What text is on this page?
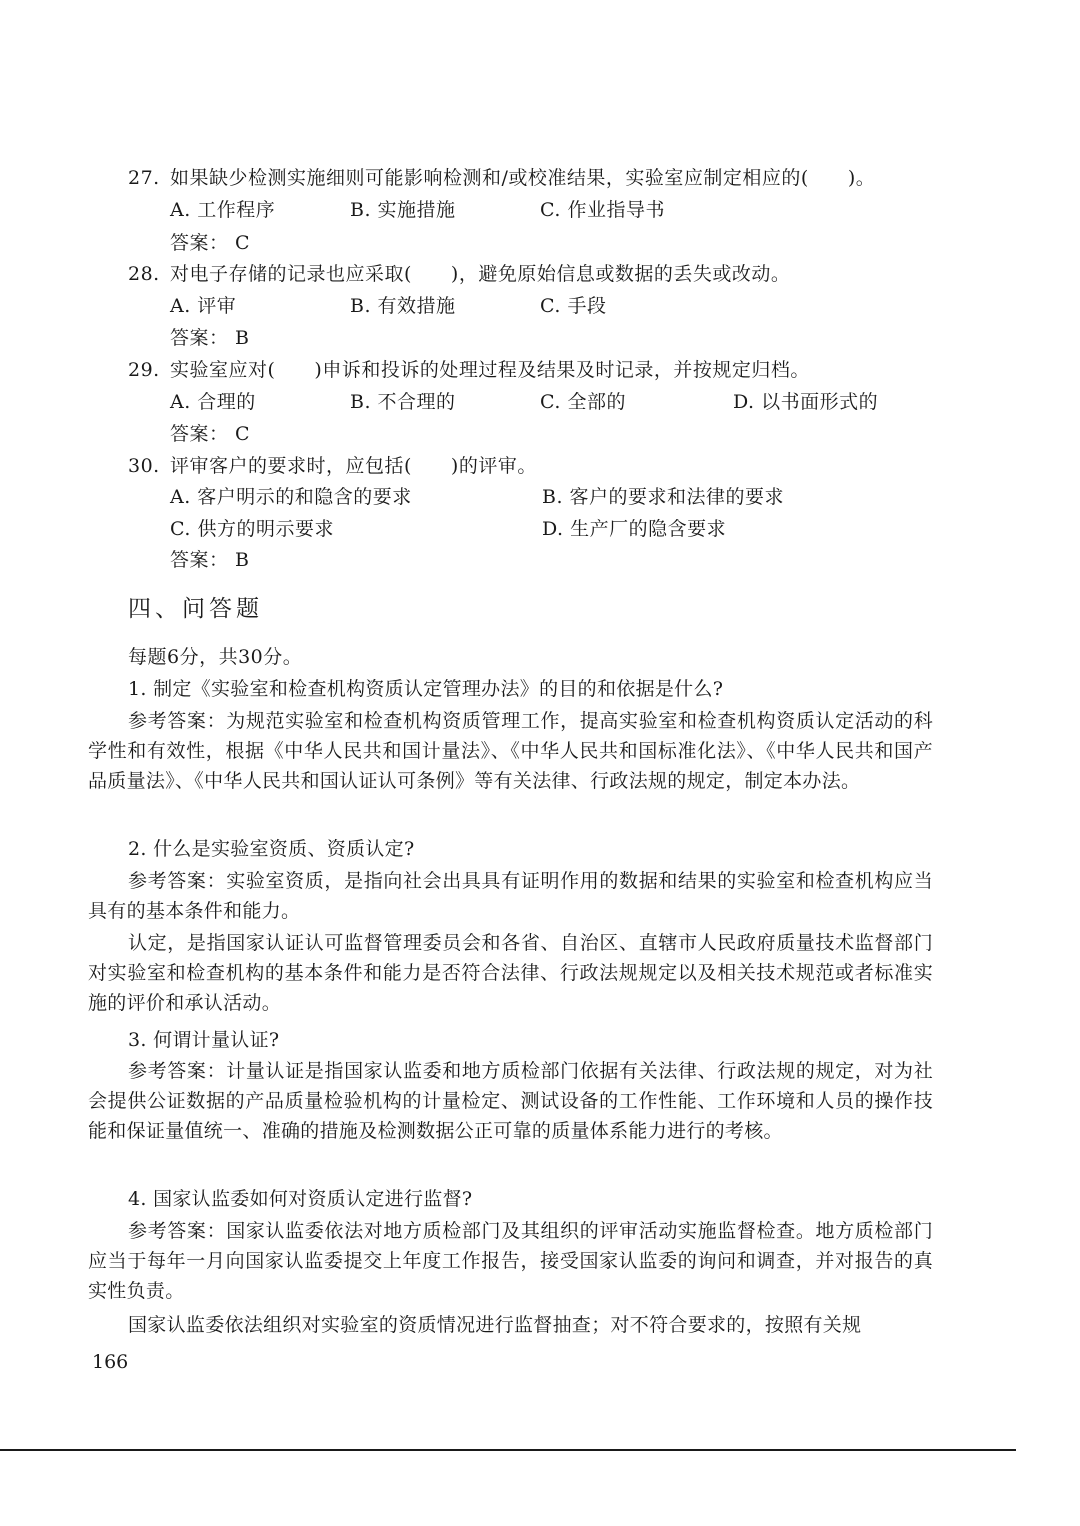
27. 如果缺少检测实施细则可能影响检测和/或校准结果，实验室应制定相应的(　　)。
A. 工作程序	B. 实施措施	C. 作业指导书
答案： C
28. 对电子存储的记录也应采取(　　)，避免原始信息或数据的丢失或改动。
A. 评审	B. 有效措施	C. 手段
答案： B
29. 实验室应对(　　)申诉和投诉的处理过程及结果及时记录，并按规定归档。
A. 合理的	B. 不合理的	C. 全部的	D. 以书面形式的
答案： C
30. 评审客户的要求时，应包括(　　)的评审。
A. 客户明示的和隐含的要求	B. 客户的要求和法律的要求
C. 供方的明示要求	D. 生产厂的隐含要求
答案： B
四、问答题
每题6分，共30分。
1. 制定《实验室和检查机构资质认定管理办法》的目的和依据是什么?
参考答案：为规范实验室和检查机构资质管理工作，提高实验室和检查机构资质认定活动的科学性和有效性，根据《中华人民共和国计量法》、《中华人民共和国标准化法》、《中华人民共和国产品质量法》、《中华人民共和国认证认可条例》等有关法律、行政法规的规定，制定本办法。
2. 什么是实验室资质、资质认定?
参考答案：实验室资质，是指向社会出具具有证明作用的数据和结果的实验室和检查机构应当具有的基本条件和能力。
认定，是指国家认证认可监督管理委员会和各省、自治区、直辖市人民政府质量技术监督部门对实验室和检查机构的基本条件和能力是否符合法律、行政法规规定以及相关技术规范或者标准实施的评价和承认活动。
3. 何谓计量认证?
参考答案：计量认证是指国家认监委和地方质检部门依据有关法律、行政法规的规定，对为社会提供公证数据的产品质量检验机构的计量检定、测试设备的工作性能、工作环境和人员的操作技能和保证量值统一、准确的措施及检测数据公正可靠的质量体系能力进行的考核。
4. 国家认监委如何对资质认定进行监督?
参考答案：国家认监委依法对地方质检部门及其组织的评审活动实施监督检查。地方质检部门应当于每年一月向国家认监委提交上年度工作报告，接受国家认监委的询问和调查，并对报告的真实性负责。
国家认监委依法组织对实验室的资质情况进行监督抽查；对不符合要求的，按照有关规
166
